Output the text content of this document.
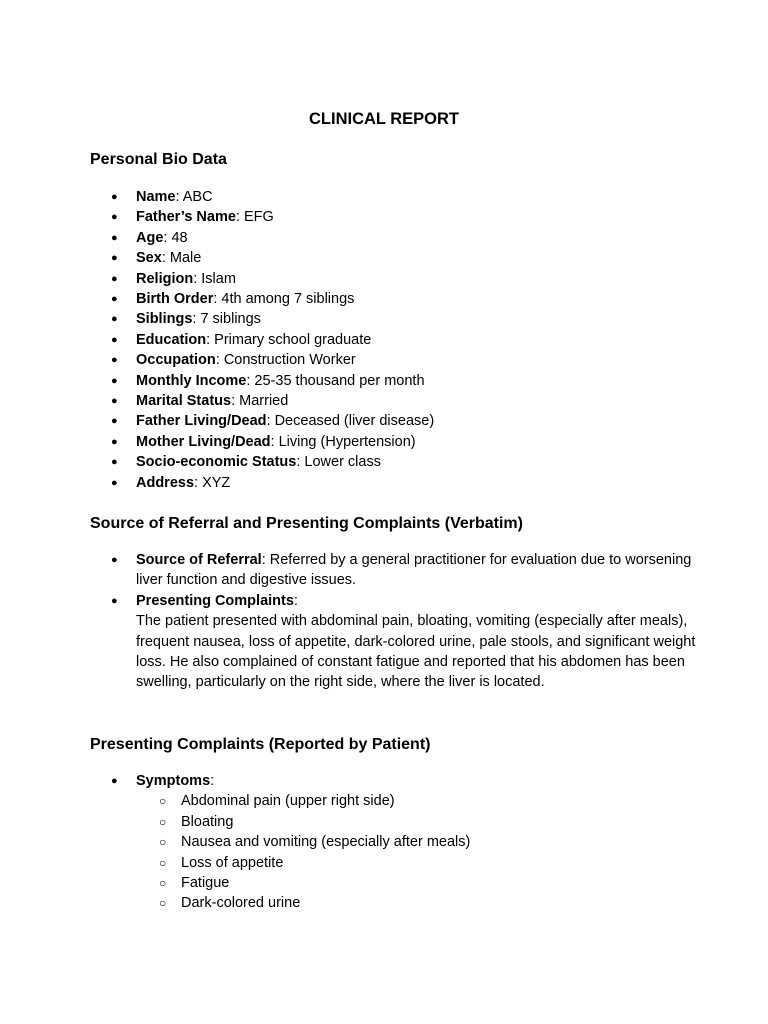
CLINICAL REPORT
Personal Bio Data
● Name: ABC
● Father’s Name: EFG
● Age: 48
● Sex: Male
● Religion: Islam
● Birth Order: 4th among 7 siblings
● Siblings: 7 siblings
● Education: Primary school graduate
● Occupation: Construction Worker
● Monthly Income: 25-35 thousand per month
● Marital Status: Married
● Father Living/Dead: Deceased (liver disease)
● Mother Living/Dead: Living (Hypertension)
● Socio-economic Status: Lower class
● Address: XYZ
Source of Referral and Presenting Complaints (Verbatim)
● Source of Referral: Referred by a general practitioner for evaluation due to worsening liver function and digestive issues.
● Presenting Complaints:
The patient presented with abdominal pain, bloating, vomiting (especially after meals), frequent nausea, loss of appetite, dark-colored urine, pale stools, and significant weight loss. He also complained of constant fatigue and reported that his abdomen has been swelling, particularly on the right side, where the liver is located.
Presenting Complaints (Reported by Patient)
● Symptoms:
○ Abdominal pain (upper right side)
○ Bloating
○ Nausea and vomiting (especially after meals)
○ Loss of appetite
○ Fatigue
○ Dark-colored urine
